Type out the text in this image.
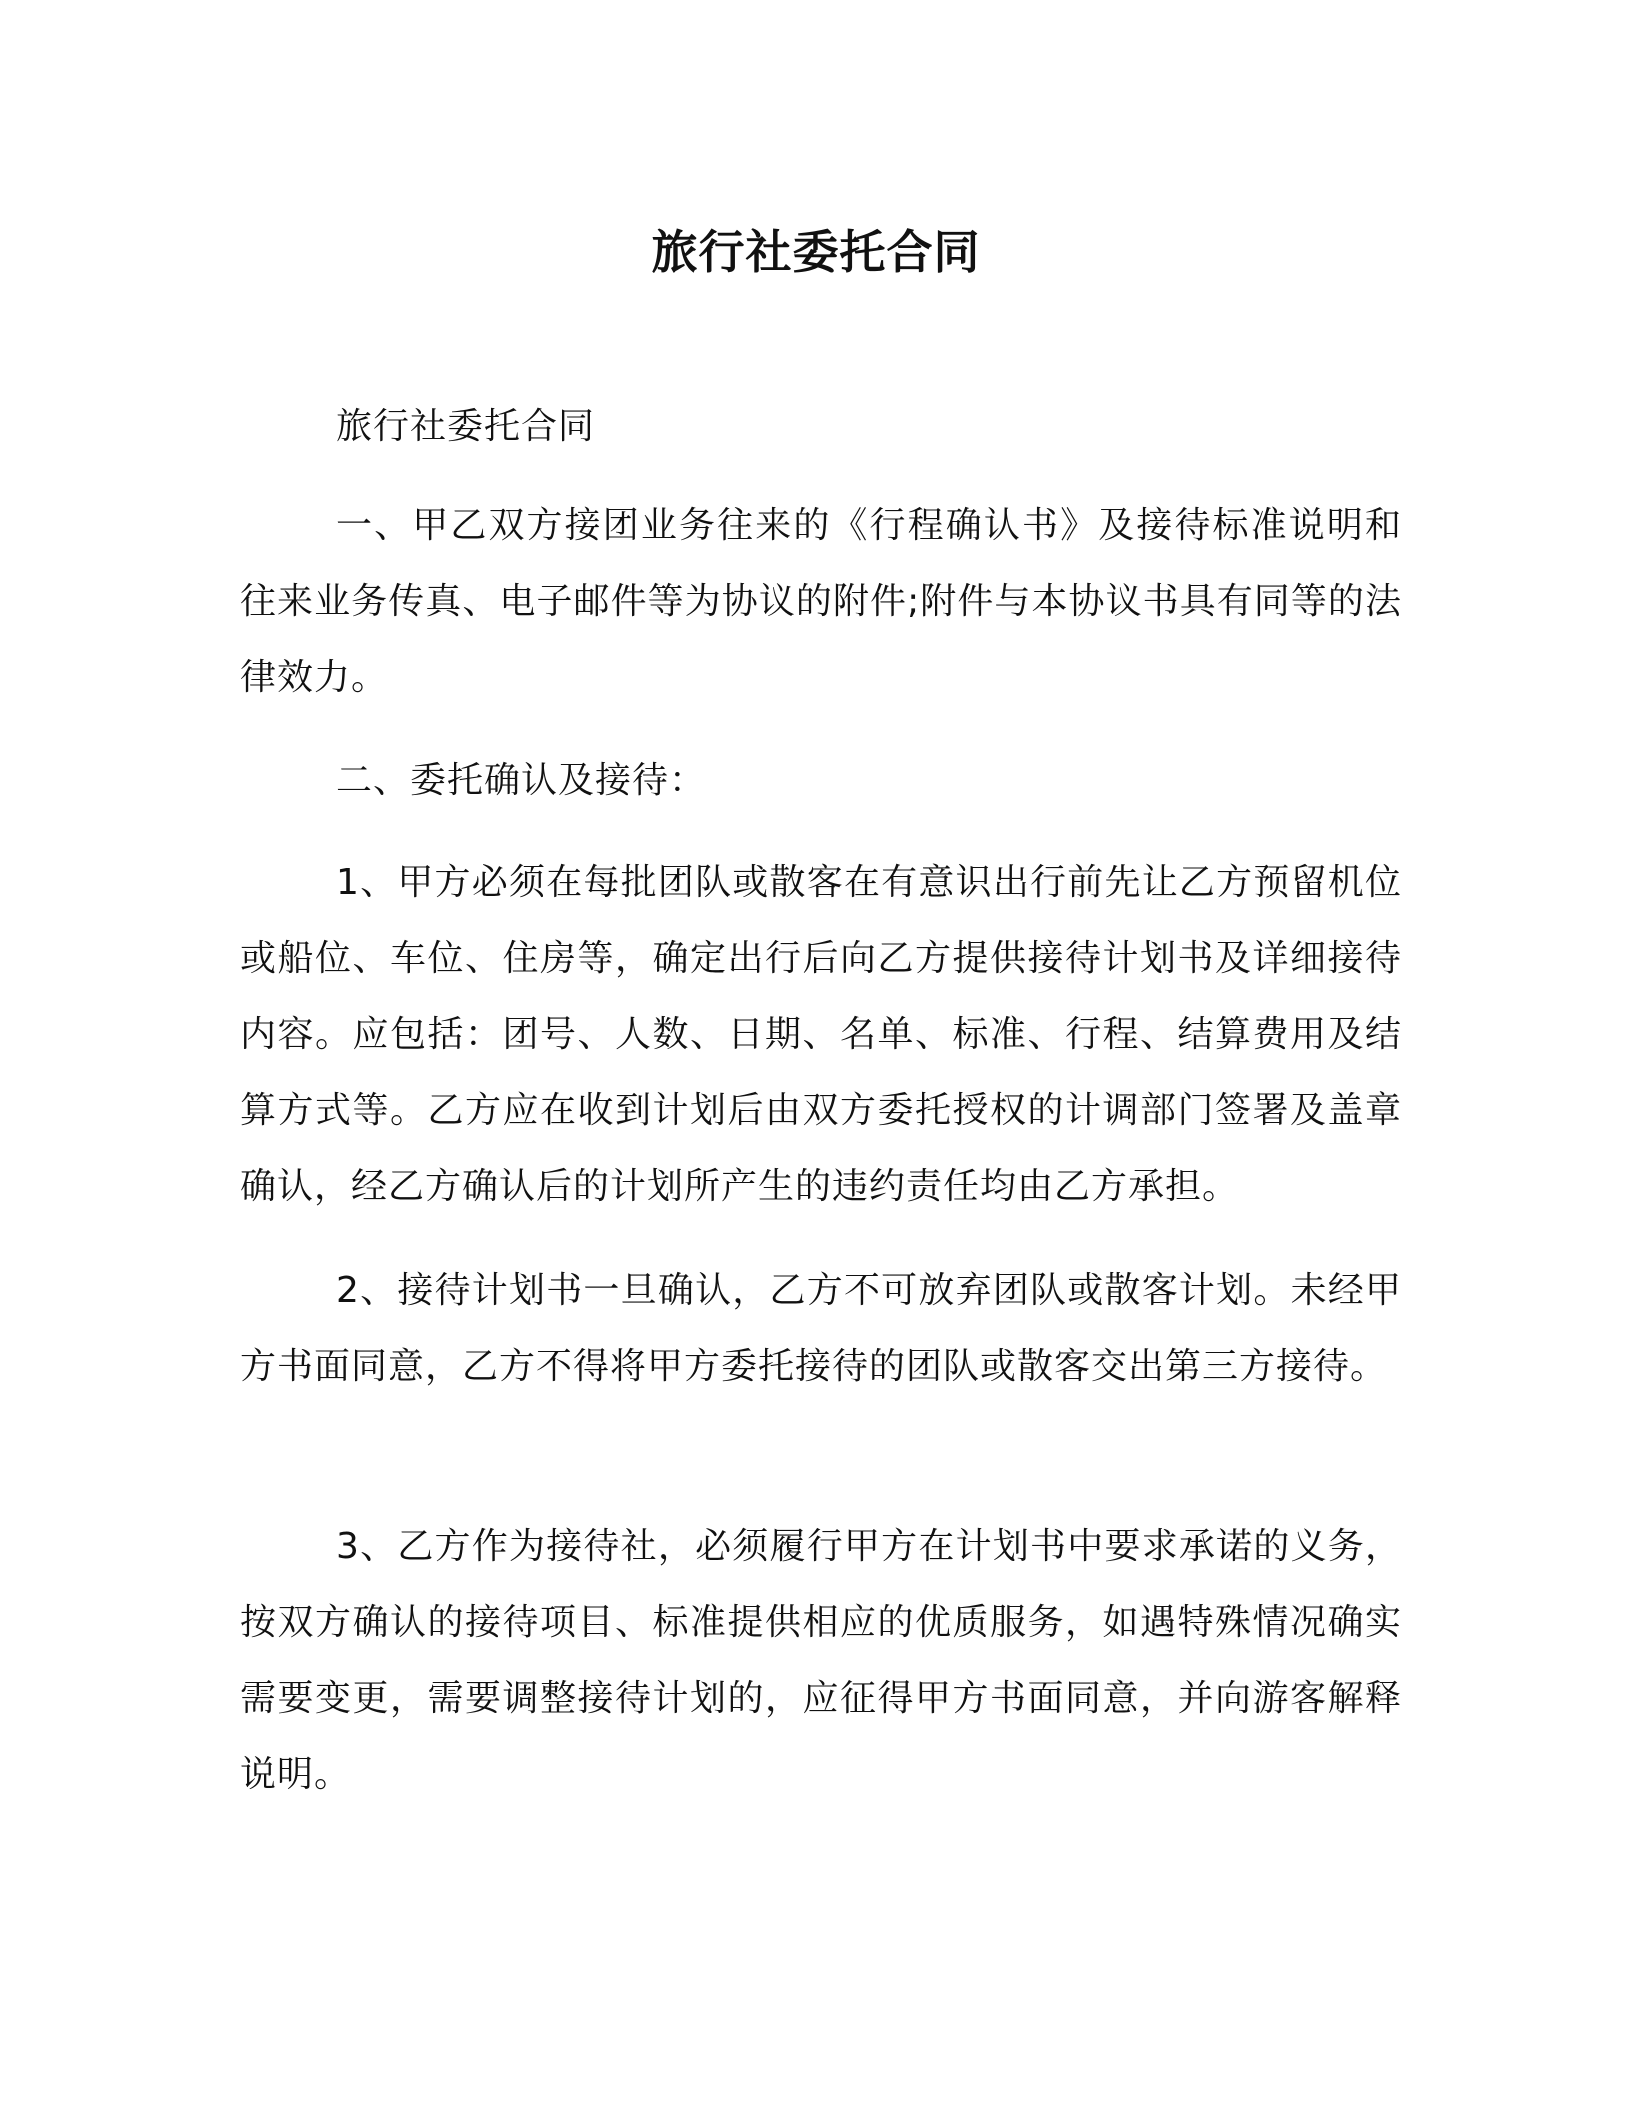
旅行社委托合同

旅行社委托合同

一、甲乙双方接团业务往来的《行程确认书》及接待标准说明和往来业务传真、电子邮件等为协议的附件;附件与本协议书具有同等的法律效力。

二、委托确认及接待：

1、甲方必须在每批团队或散客在有意识出行前先让乙方预留机位或船位、车位、住房等，确定出行后向乙方提供接待计划书及详细接待内容。应包括：团号、人数、日期、名单、标准、行程、结算费用及结算方式等。乙方应在收到计划后由双方委托授权的计调部门签署及盖章确认，经乙方确认后的计划所产生的违约责任均由乙方承担。

2、接待计划书一旦确认，乙方不可放弃团队或散客计划。未经甲方书面同意，乙方不得将甲方委托接待的团队或散客交出第三方接待。

3、乙方作为接待社，必须履行甲方在计划书中要求承诺的义务，按双方确认的接待项目、标准提供相应的优质服务，如遇特殊情况确实需要变更，需要调整接待计划的，应征得甲方书面同意，并向游客解释说明。
